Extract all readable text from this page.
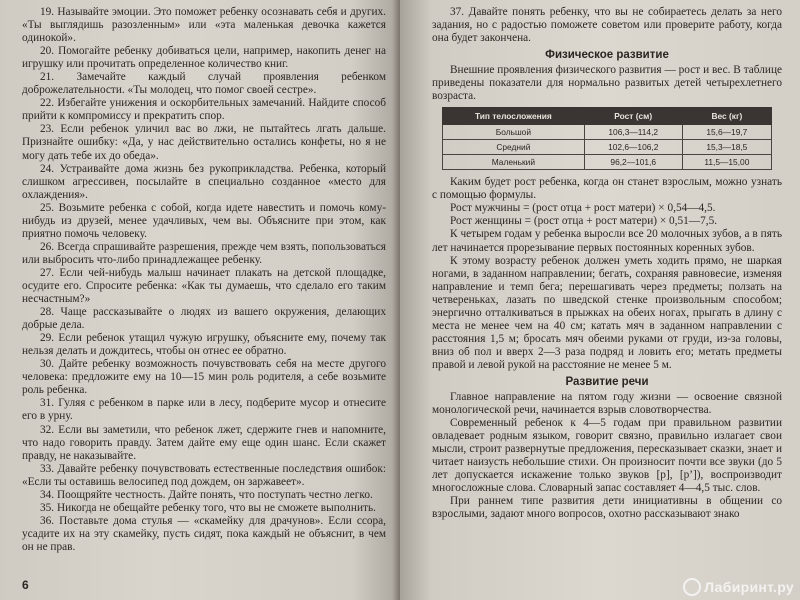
19. Называйте эмоции. Это поможет ребенку осознавать себя и других. «Ты выглядишь разозленным» или «эта маленькая девочка кажется одинокой».

20. Помогайте ребенку добиваться цели, например, накопить денег на игрушку или прочитать определенное количество книг.

21. Замечайте каждый случай проявления ребенком доброжелательности. «Ты молодец, что помог своей сестре».

22. Избегайте унижения и оскорбительных замечаний. Найдите способ прийти к компромиссу и прекратить спор.

23. Если ребенок уличил вас во лжи, не пытайтесь лгать дальше. Признайте ошибку: «Да, у нас действительно остались конфеты, но я не могу дать тебе их до обеда».

24. Устраивайте дома жизнь без рукоприкладства. Ребенка, который слишком агрессивен, посылайте в специально созданное «место для охлаждения».

25. Возьмите ребенка с собой, когда идете навестить и помочь кому-нибудь из друзей, менее удачливых, чем вы. Объясните при этом, как приятно помочь человеку.

26. Всегда спрашивайте разрешения, прежде чем взять, попользоваться или выбросить что-либо принадлежащее ребенку.

27. Если чей-нибудь малыш начинает плакать на детской площадке, осудите его. Спросите ребенка: «Как ты думаешь, что сделало его таким несчастным?»

28. Чаще рассказывайте о людях из вашего окружения, делающих добрые дела.

29. Если ребенок утащил чужую игрушку, объясните ему, почему так нельзя делать и дождитесь, чтобы он отнес ее обратно.

30. Дайте ребенку возможность почувствовать себя на месте другого человека: предложите ему на 10—15 мин роль родителя, а себе возьмите роль ребенка.

31. Гуляя с ребенком в парке или в лесу, подберите мусор и отнесите его в урну.

32. Если вы заметили, что ребенок лжет, сдержите гнев и напомните, что надо говорить правду. Затем дайте ему еще один шанс. Если скажет правду, не наказывайте.

33. Давайте ребенку почувствовать естественные последствия ошибок: «Если ты оставишь велосипед под дождем, он заржавеет».

34. Поощряйте честность. Дайте понять, что поступать честно легко.

35. Никогда не обещайте ребенку того, что вы не сможете выполнить.

36. Поставьте дома стулья — «скамейку для драчунов». Если ссора, усадите их на эту скамейку, пусть сидят, пока каждый не объяснит, в чем он не прав.

6

37. Давайте понять ребенку, что вы не собираетесь делать за него задания, но с радостью поможете советом или проверите работу, когда она будет закончена.

Физическое развитие

Внешние проявления физического развития — рост и вес. В таблице приведены показатели для нормально развитых детей четырехлетнего возраста.

Тип телосложения	Рост (см)	Вес (кг)
Большой	106,3—114,2	15,6—19,7
Средний	102,6—106,2	15,3—18,5
Маленький	96,2—101,6	11,5—15,00

Каким будет рост ребенка, когда он станет взрослым, можно узнать с помощью формулы.

Рост мужчины = (рост отца + рост матери) × 0,54—4,5.

Рост женщины = (рост отца + рост матери) × 0,51—7,5.

К четырем годам у ребенка выросли все 20 молочных зубов, а в пять лет начинается прорезывание первых постоянных коренных зубов.

К этому возрасту ребенок должен уметь ходить прямо, не шаркая ногами, в заданном направлении; бегать, сохраняя равновесие, изменяя направление и темп бега; перешагивать через предметы; ползать на четвереньках, лазать по шведской стенке произвольным способом; энергично отталкиваться в прыжках на обеих ногах, прыгать в длину с места не менее чем на 40 см; катать мяч в заданном направлении с расстояния 1,5 м; бросать мяч обеими руками от груди, из-за головы, вниз об пол и вверх 2—3 раза подряд и ловить его; метать предметы правой и левой рукой на расстояние не менее 5 м.

Развитие речи

Главное направление на пятом году жизни — освоение связной монологической речи, начинается взрыв словотворчества.

Современный ребенок к 4—5 годам при правильном развитии овладевает родным языком, говорит связно, правильно излагает свои мысли, строит развернутые предложения, пересказывает сказки, знает и читает наизусть небольшие стихи. Он произносит почти все звуки (до 5 лет допускается искажение только звуков [р], [р’]), воспроизводит многосложные слова. Словарный запас составляет 4—4,5 тыс. слов.

При раннем типе развития дети инициативны в общении со взрослыми, задают много вопросов, охотно рассказывают знако

Лабиринт.ру
